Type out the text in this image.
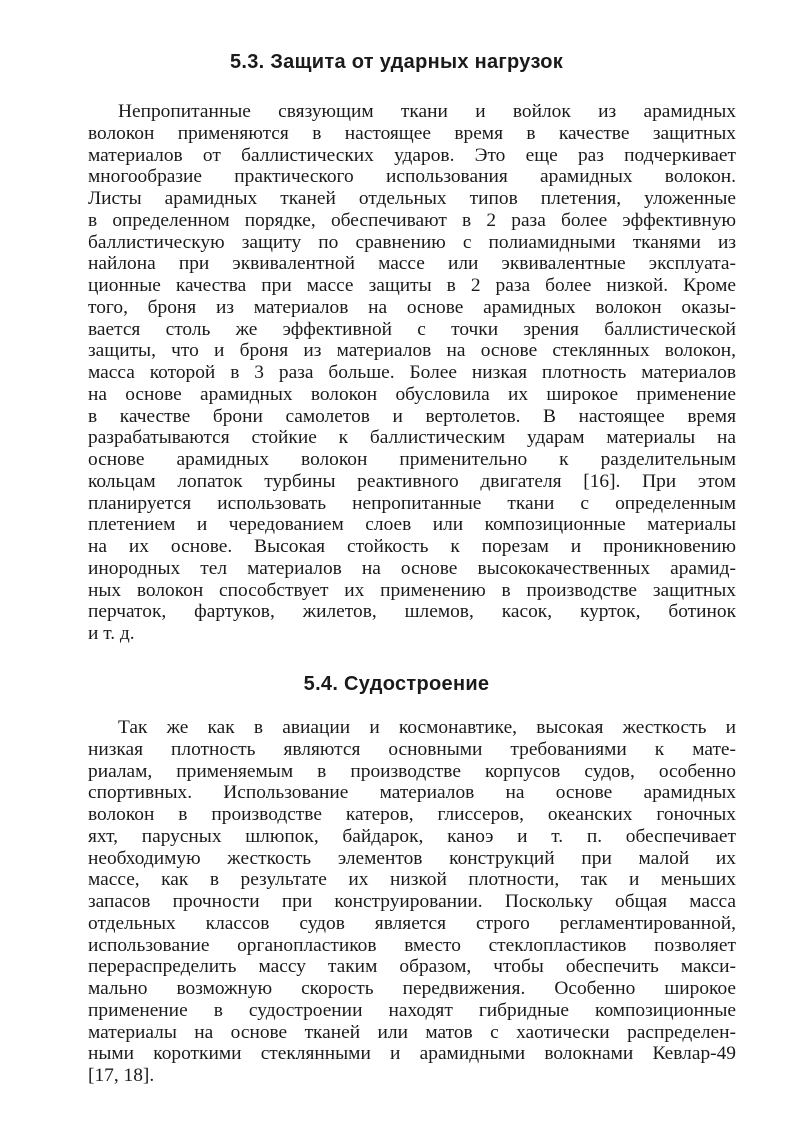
5.3. Защита от ударных нагрузок
Непропитанные связующим ткани и войлок из арамидных
волокон применяются в настоящее время в качестве защитных
материалов от баллистических ударов. Это еще раз подчеркивает
многообразие практического использования арамидных волокон.
Листы арамидных тканей отдельных типов плетения, уложенные
в определенном порядке, обеспечивают в 2 раза более эффективную
баллистическую защиту по сравнению с полиамидными тканями из
найлона при эквивалентной массе или эквивалентные эксплуата-
ционные качества при массе защиты в 2 раза более низкой. Кроме
того, броня из материалов на основе арамидных волокон оказы-
вается столь же эффективной с точки зрения баллистической
защиты, что и броня из материалов на основе стеклянных волокон,
масса которой в 3 раза больше. Более низкая плотность материалов
на основе арамидных волокон обусловила их широкое применение
в качестве брони самолетов и вертолетов. В настоящее время
разрабатываются стойкие к баллистическим ударам материалы на
основе арамидных волокон применительно к разделительным
кольцам лопаток турбины реактивного двигателя [16]. При этом
планируется использовать непропитанные ткани с определенным
плетением и чередованием слоев или композиционные материалы
на их основе. Высокая стойкость к порезам и проникновению
инородных тел материалов на основе высококачественных арамид-
ных волокон способствует их применению в производстве защитных
перчаток, фартуков, жилетов, шлемов, касок, курток, ботинок
и т. д.
5.4. Судостроение
Так же как в авиации и космонавтике, высокая жесткость и
низкая плотность являются основными требованиями к мате-
риалам, применяемым в производстве корпусов судов, особенно
спортивных. Использование материалов на основе арамидных
волокон в производстве катеров, глиссеров, океанских гоночных
яхт, парусных шлюпок, байдарок, каноэ и т. п. обеспечивает
необходимую жесткость элементов конструкций при малой их
массе, как в результате их низкой плотности, так и меньших
запасов прочности при конструировании. Поскольку общая масса
отдельных классов судов является строго регламентированной,
использование органопластиков вместо стеклопластиков позволяет
перераспределить массу таким образом, чтобы обеспечить макси-
мально возможную скорость передвижения. Особенно широкое
применение в судостроении находят гибридные композиционные
материалы на основе тканей или матов с хаотически распределен-
ными короткими стеклянными и арамидными волокнами Кевлар-49
[17, 18].
